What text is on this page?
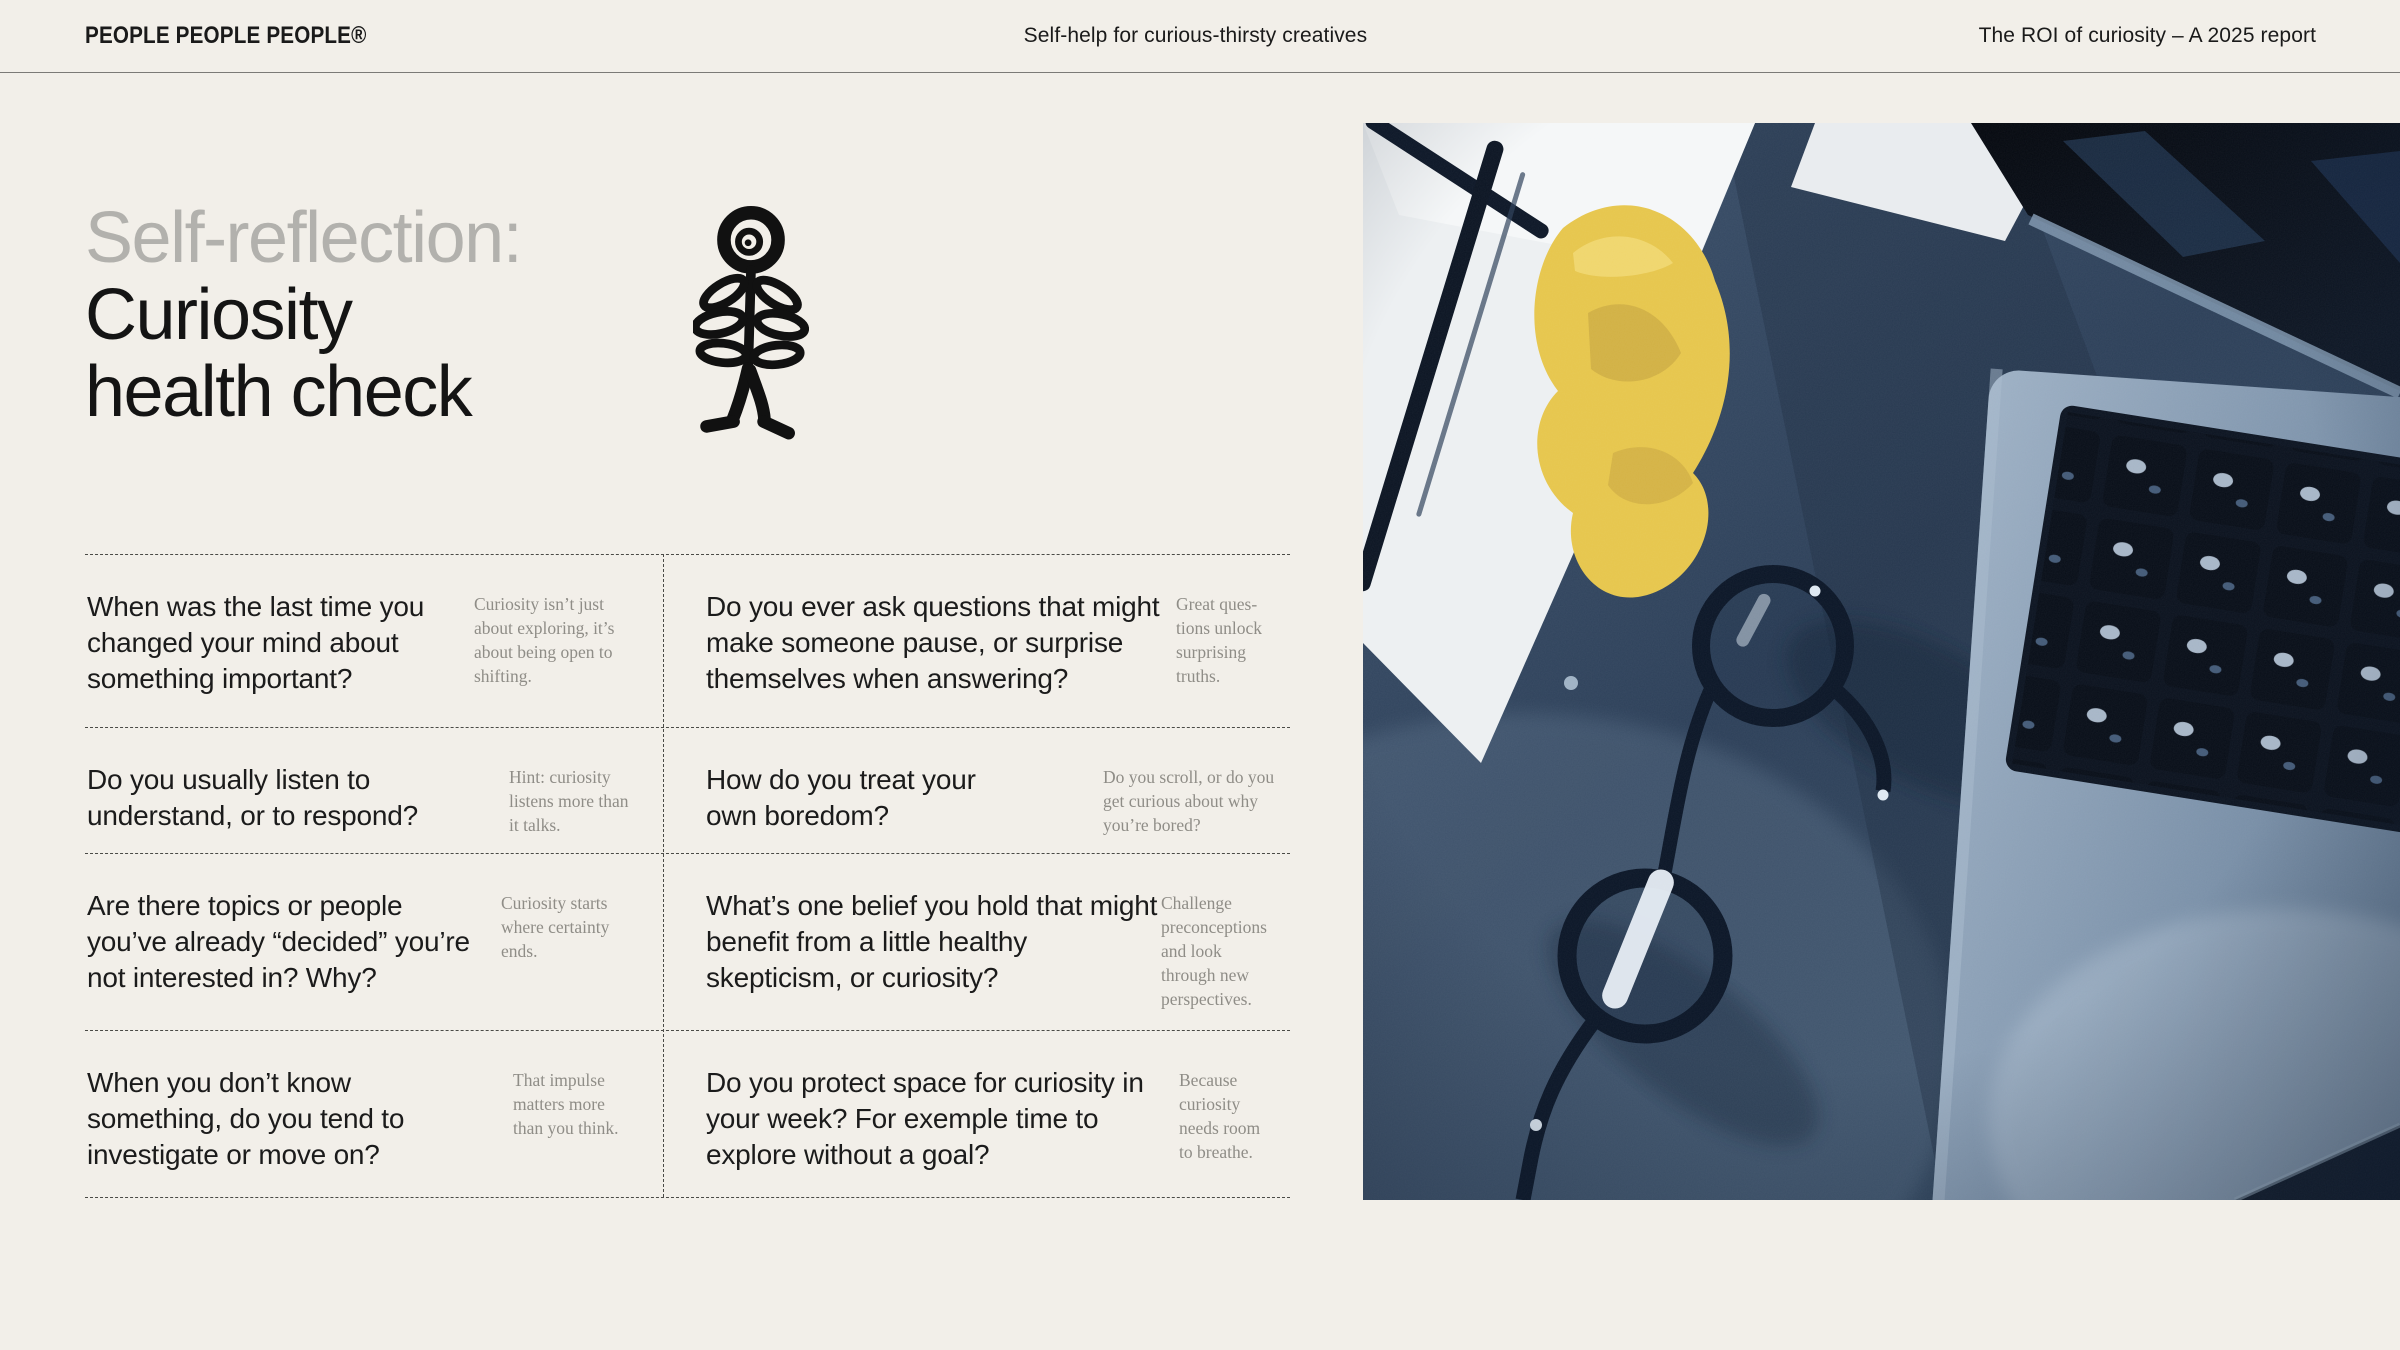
PEOPLE PEOPLE PEOPLE®	Self-help for curious-thirsty creatives	The ROI of curiosity – A 2025 report
Self-reflection:
Curiosity
health check
When was the last time you changed your mind about something important?
Curiosity isn’t just about exploring, it’s about being open to shifting.
Do you ever ask questions that might make someone pause, or surprise themselves when answering?
Great questions unlock surprising truths.
Do you usually listen to understand, or to respond?
Hint: curiosity listens more than it talks.
How do you treat your own boredom?
Do you scroll, or do you get curious about why you’re bored?
Are there topics or people you’ve already “decided” you’re not interested in? Why?
Curiosity starts where certainty ends.
What’s one belief you hold that might benefit from a little healthy skepticism, or curiosity?
Challenge preconceptions and look through new perspectives.
When you don’t know something, do you tend to investigate or move on?
That impulse matters more than you think.
Do you protect space for curiosity in your week? For exemple time to explore without a goal?
Because curiosity needs room to breathe.
